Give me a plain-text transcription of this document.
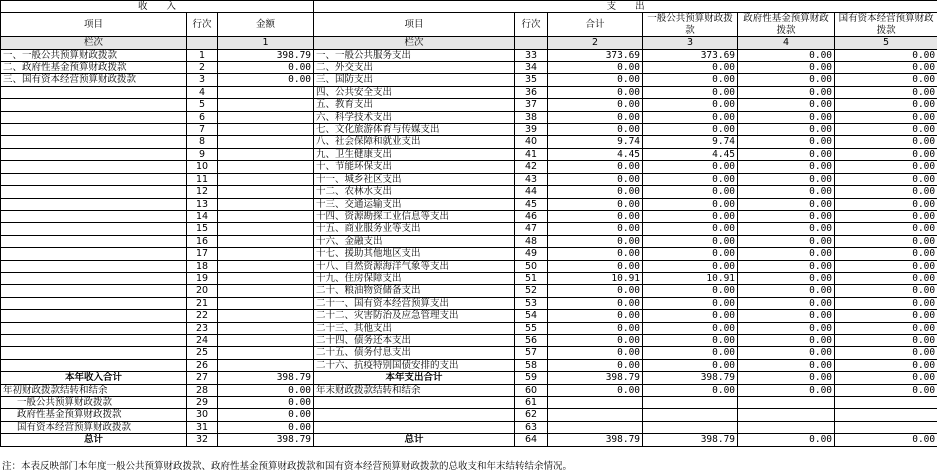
收　　入			支　　出					
项目	行次	金额	项目	行次	合计	一般公共预算财政拨款	政府性基金预算财政拨款	国有资本经营预算财政拨款
栏次		1	栏次		2	3	4	5
一、一般公共预算财政拨款	1	398.79	一、一般公共服务支出	33	373.69	373.69	0.00	0.00
二、政府性基金预算财政拨款	2	0.00	二、外交支出	34	0.00	0.00	0.00	0.00
三、国有资本经营预算财政拨款	3	0.00	三、国防支出	35	0.00	0.00	0.00	0.00
	4		四、公共安全支出	36	0.00	0.00	0.00	0.00
	5		五、教育支出	37	0.00	0.00	0.00	0.00
	6		六、科学技术支出	38	0.00	0.00	0.00	0.00
	7		七、文化旅游体育与传媒支出	39	0.00	0.00	0.00	0.00
	8		八、社会保障和就业支出	40	9.74	9.74	0.00	0.00
	9		九、卫生健康支出	41	4.45	4.45	0.00	0.00
	10		十、节能环保支出	42	0.00	0.00	0.00	0.00
	11		十一、城乡社区支出	43	0.00	0.00	0.00	0.00
	12		十二、农林水支出	44	0.00	0.00	0.00	0.00
	13		十三、交通运输支出	45	0.00	0.00	0.00	0.00
	14		十四、资源勘探工业信息等支出	46	0.00	0.00	0.00	0.00
	15		十五、商业服务业等支出	47	0.00	0.00	0.00	0.00
	16		十六、金融支出	48	0.00	0.00	0.00	0.00
	17		十七、援助其他地区支出	49	0.00	0.00	0.00	0.00
	18		十八、自然资源海洋气象等支出	50	0.00	0.00	0.00	0.00
	19		十九、住房保障支出	51	10.91	10.91	0.00	0.00
	20		二十、粮油物资储备支出	52	0.00	0.00	0.00	0.00
	21		二十一、国有资本经营预算支出	53	0.00	0.00	0.00	0.00
	22		二十二、灾害防治及应急管理支出	54	0.00	0.00	0.00	0.00
	23		二十三、其他支出	55	0.00	0.00	0.00	0.00
	24		二十四、债务还本支出	56	0.00	0.00	0.00	0.00
	25		二十五、债务付息支出	57	0.00	0.00	0.00	0.00
	26		二十六、抗疫特别国债安排的支出	58	0.00	0.00	0.00	0.00
本年收入合计	27	398.79	本年支出合计	59	398.79	398.79	0.00	0.00
年初财政拨款结转和结余	28	0.00	年末财政拨款结转和结余	60	0.00	0.00	0.00	0.00
一般公共预算财政拨款	29	0.00		61				
政府性基金预算财政拨款	30	0.00		62				
国有资本经营预算财政拨款	31	0.00		63				
总计	32	398.79	总计	64	398.79	398.79	0.00	0.00
注：本表反映部门本年度一般公共预算财政拨款、政府性基金预算财政拨款和国有资本经营预算财政拨款的总收支和年末结转结余情况。
